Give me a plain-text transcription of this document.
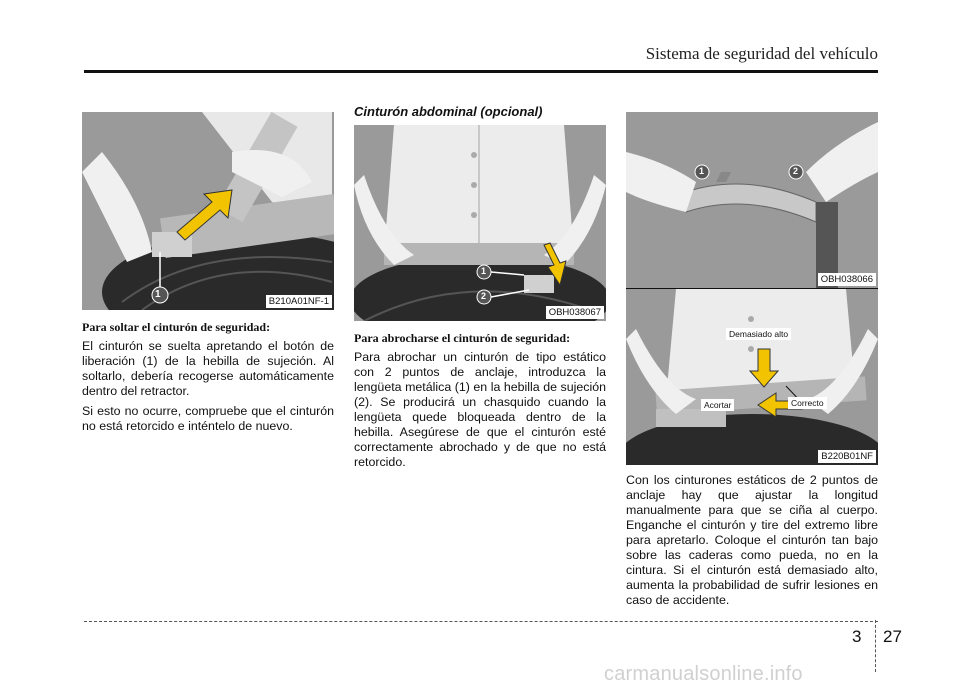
Sistema de seguridad del vehículo
1
B210A01NF-1
Para soltar el cinturón de seguridad:

El cinturón se suelta apretando el botón de liberación (1) de la hebilla de sujeción. Al soltarlo, debería recogerse automáticamente dentro del retractor.

Si esto no ocurre, compruebe que el cinturón no está retorcido e inténtelo de nuevo.

Cinturón abdominal (opcional)
1
2
OBH038067
Para abrocharse el cinturón de seguridad:

Para abrochar un cinturón de tipo estático con 2 puntos de anclaje, introduzca la lengüeta metálica (1) en la hebilla de sujeción (2). Se producirá un chasquido cuando la lengüeta quede bloqueada dentro de la hebilla. Asegúrese de que el cinturón esté correctamente abrochado y de que no está retorcido.

1	2
OBH038066
Demasiado alto
Acortar	Correcto
B220B01NF

Con los cinturones estáticos de 2 puntos de anclaje hay que ajustar la longitud manualmente para que se ciña al cuerpo. Enganche el cinturón y tire del extremo libre para apretarlo. Coloque el cinturón tan bajo sobre las caderas como pueda, no en la cintura. Si el cinturón está demasiado alto, aumenta la probabilidad de sufrir lesiones en caso de accidente.

3 27
carmanualsonline.info
